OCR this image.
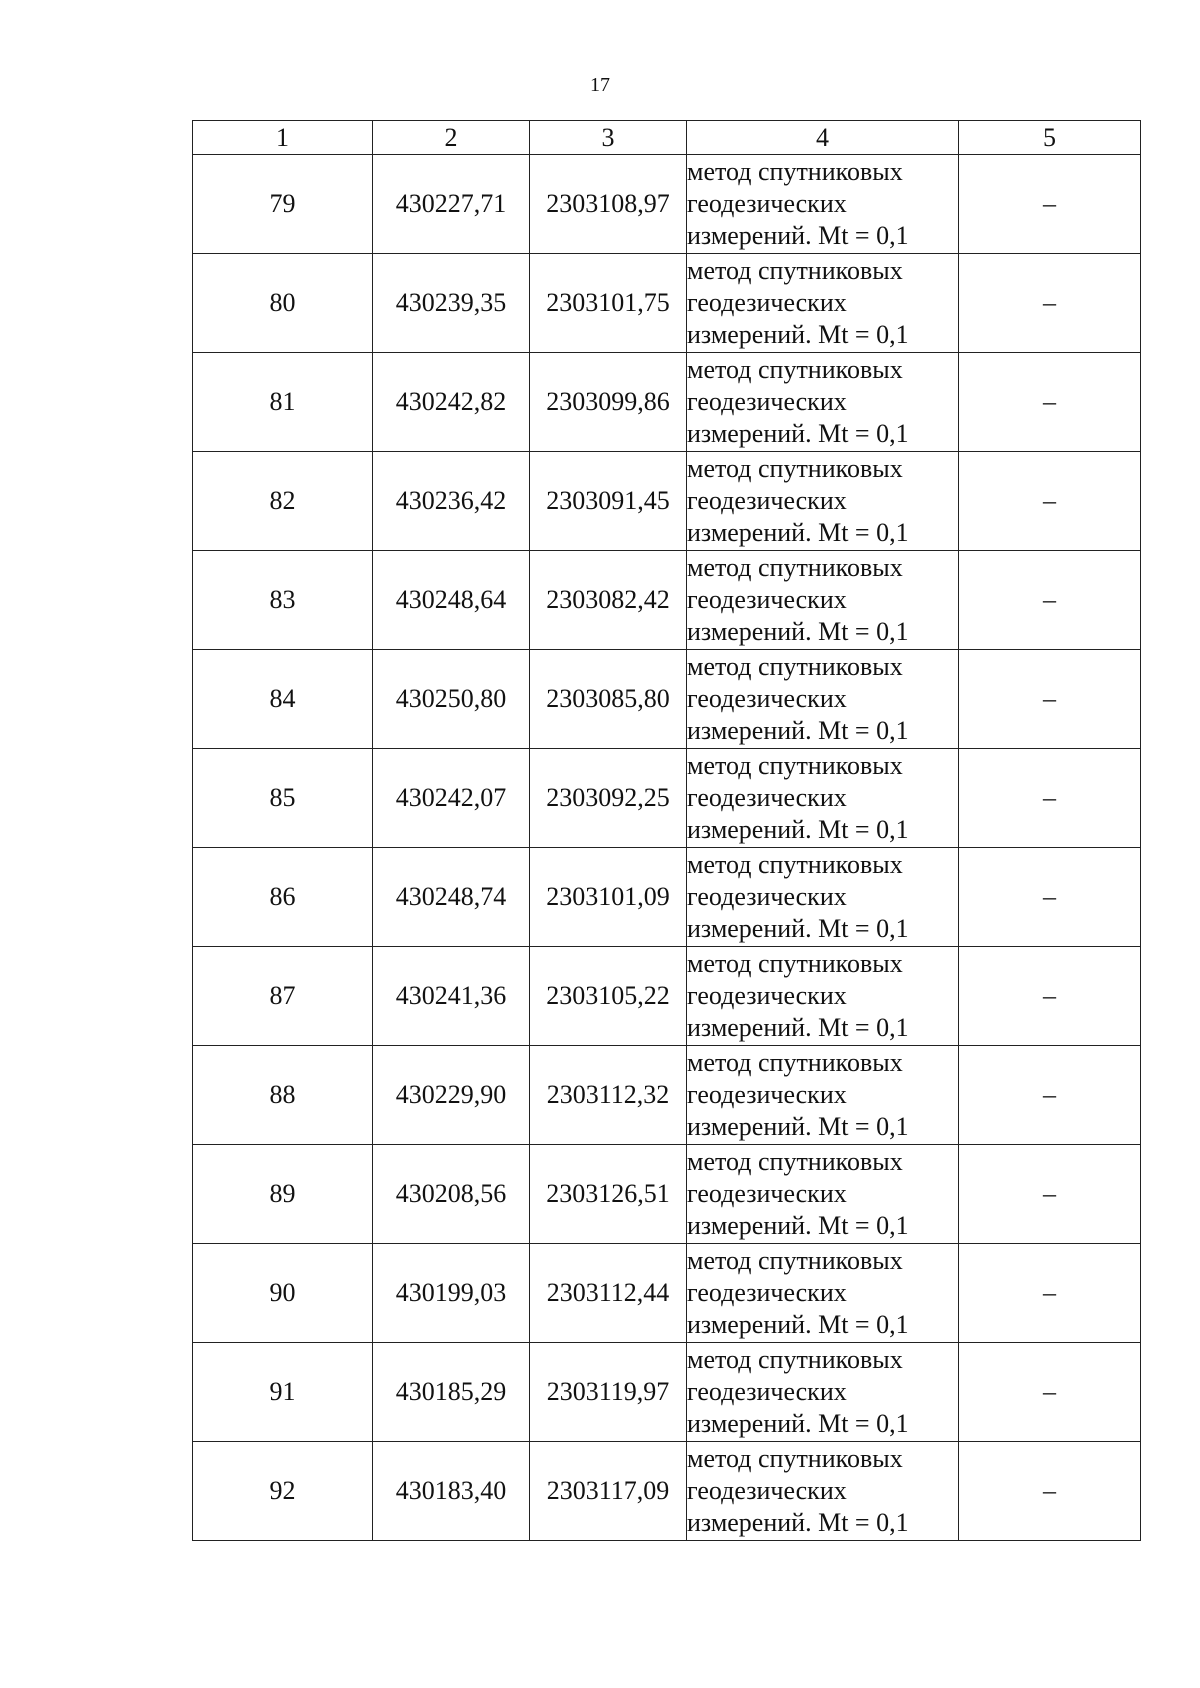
17
1	2	3	4	5
79	430227,71	2303108,97	метод спутниковых
геодезических
измерений. Mt = 0,1	–
80	430239,35	2303101,75	метод спутниковых
геодезических
измерений. Mt = 0,1	–
81	430242,82	2303099,86	метод спутниковых
геодезических
измерений. Mt = 0,1	–
82	430236,42	2303091,45	метод спутниковых
геодезических
измерений. Mt = 0,1	–
83	430248,64	2303082,42	метод спутниковых
геодезических
измерений. Mt = 0,1	–
84	430250,80	2303085,80	метод спутниковых
геодезических
измерений. Mt = 0,1	–
85	430242,07	2303092,25	метод спутниковых
геодезических
измерений. Mt = 0,1	–
86	430248,74	2303101,09	метод спутниковых
геодезических
измерений. Mt = 0,1	–
87	430241,36	2303105,22	метод спутниковых
геодезических
измерений. Mt = 0,1	–
88	430229,90	2303112,32	метод спутниковых
геодезических
измерений. Mt = 0,1	–
89	430208,56	2303126,51	метод спутниковых
геодезических
измерений. Mt = 0,1	–
90	430199,03	2303112,44	метод спутниковых
геодезических
измерений. Mt = 0,1	–
91	430185,29	2303119,97	метод спутниковых
геодезических
измерений. Mt = 0,1	–
92	430183,40	2303117,09	метод спутниковых
геодезических
измерений. Mt = 0,1	–
